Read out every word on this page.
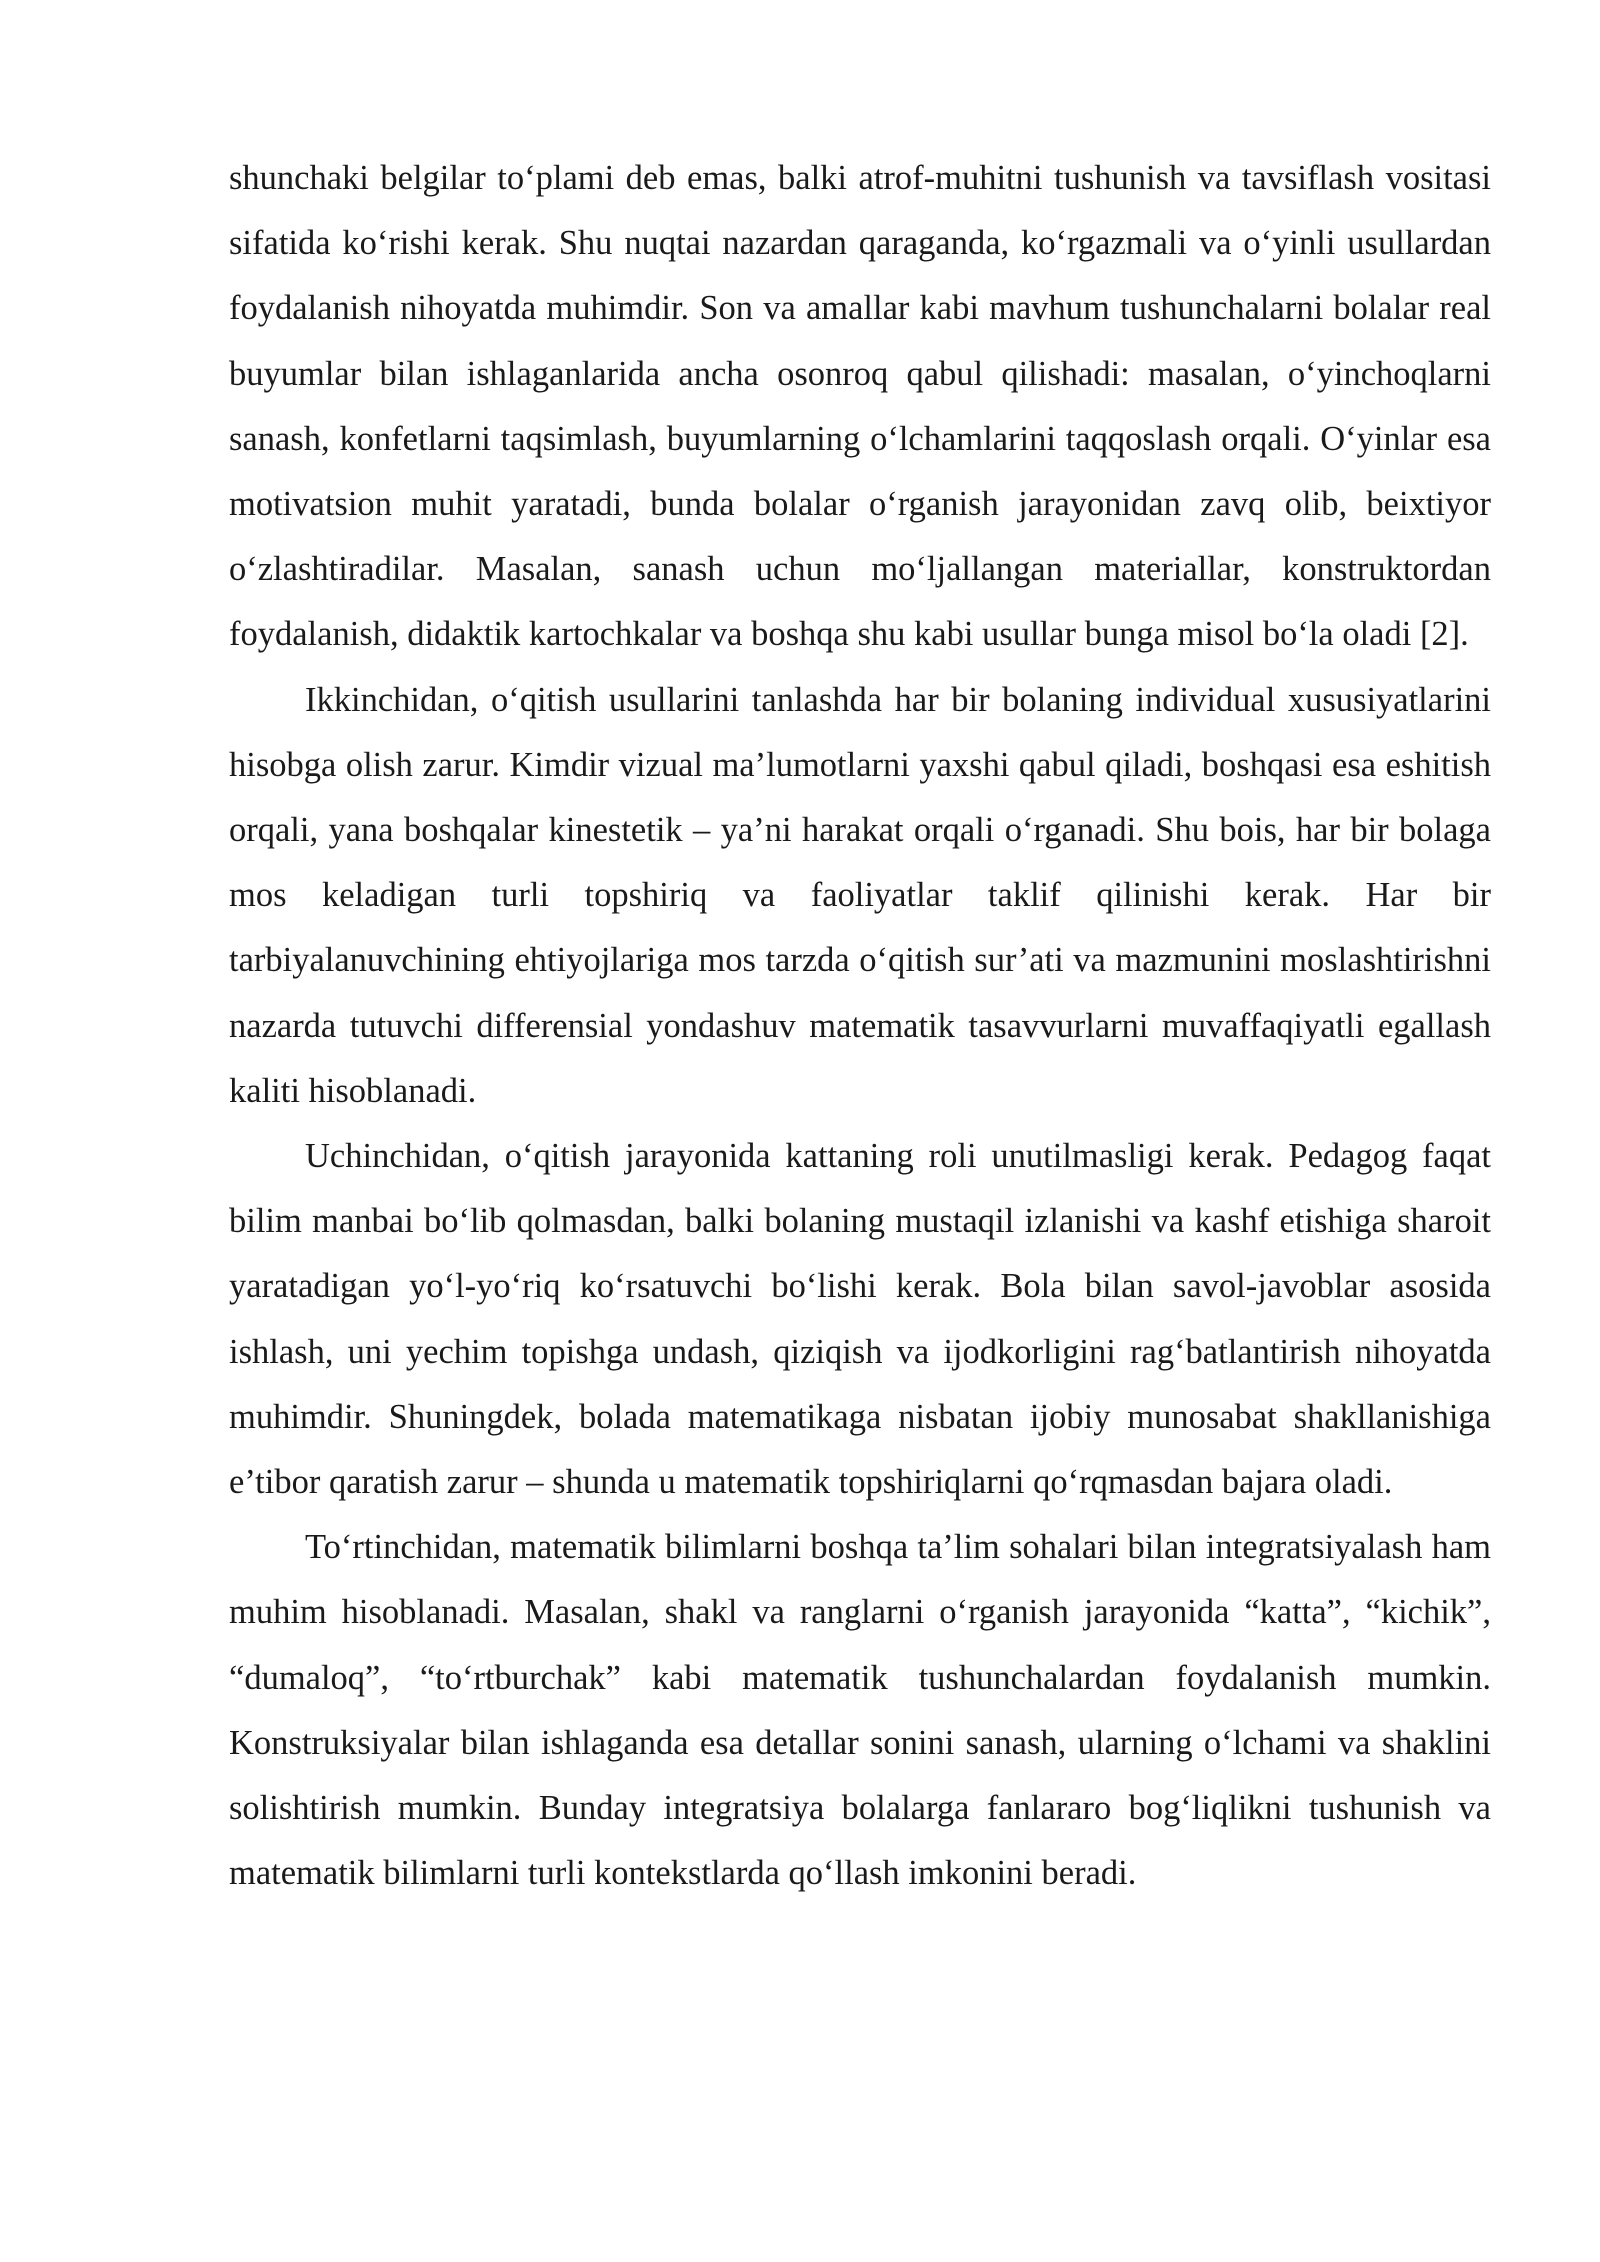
shunchaki belgilar to‘plami deb emas, balki atrof-muhitni tushunish va tavsiflash vositasi sifatida ko‘rishi kerak. Shu nuqtai nazardan qaraganda, ko‘rgazmali va o‘yinli usullardan foydalanish nihoyatda muhimdir. Son va amallar kabi mavhum tushunchalarni bolalar real buyumlar bilan ishlaganlarida ancha osonroq qabul qilishadi: masalan, o‘yinchoqlarni sanash, konfetlarni taqsimlash, buyumlarning o‘lchamlarini taqqoslash orqali. O‘yinlar esa motivatsion muhit yaratadi, bunda bolalar o‘rganish jarayonidan zavq olib, beixtiyor o‘zlashtiradilar. Masalan, sanash uchun mo‘ljallangan materiallar, konstruktordan foydalanish, didaktik kartochkalar va boshqa shu kabi usullar bunga misol bo‘la oladi [2].

Ikkinchidan, o‘qitish usullarini tanlashda har bir bolaning individual xususiyatlarini hisobga olish zarur. Kimdir vizual ma’lumotlarni yaxshi qabul qiladi, boshqasi esa eshitish orqali, yana boshqalar kinestetik – ya’ni harakat orqali o‘rganadi. Shu bois, har bir bolaga mos keladigan turli topshiriq va faoliyatlar taklif qilinishi kerak. Har bir tarbiyalanuvchining ehtiyojlariga mos tarzda o‘qitish sur’ati va mazmunini moslashtirishni nazarda tutuvchi differensial yondashuv matematik tasavvurlarni muvaffaqiyatli egallash kaliti hisoblanadi.

Uchinchidan, o‘qitish jarayonida kattaning roli unutilmasligi kerak. Pedagog faqat bilim manbai bo‘lib qolmasdan, balki bolaning mustaqil izlanishi va kashf etishiga sharoit yaratadigan yo‘l-yo‘riq ko‘rsatuvchi bo‘lishi kerak. Bola bilan savol-javoblar asosida ishlash, uni yechim topishga undash, qiziqish va ijodkorligini rag‘batlantirish nihoyatda muhimdir. Shuningdek, bolada matematikaga nisbatan ijobiy munosabat shakllanishiga e’tibor qaratish zarur – shunda u matematik topshiriqlarni qo‘rqmasdan bajara oladi.

To‘rtinchidan, matematik bilimlarni boshqa ta’lim sohalari bilan integratsiyalash ham muhim hisoblanadi. Masalan, shakl va ranglarni o‘rganish jarayonida “katta”, “kichik”, “dumaloq”, “to‘rtburchak” kabi matematik tushunchalardan foydalanish mumkin. Konstruksiyalar bilan ishlaganda esa detallar sonini sanash, ularning o‘lchami va shaklini solishtirish mumkin. Bunday integratsiya bolalarga fanlararo bog‘liqlikni tushunish va matematik bilimlarni turli kontekstlarda qo‘llash imkonini beradi.
